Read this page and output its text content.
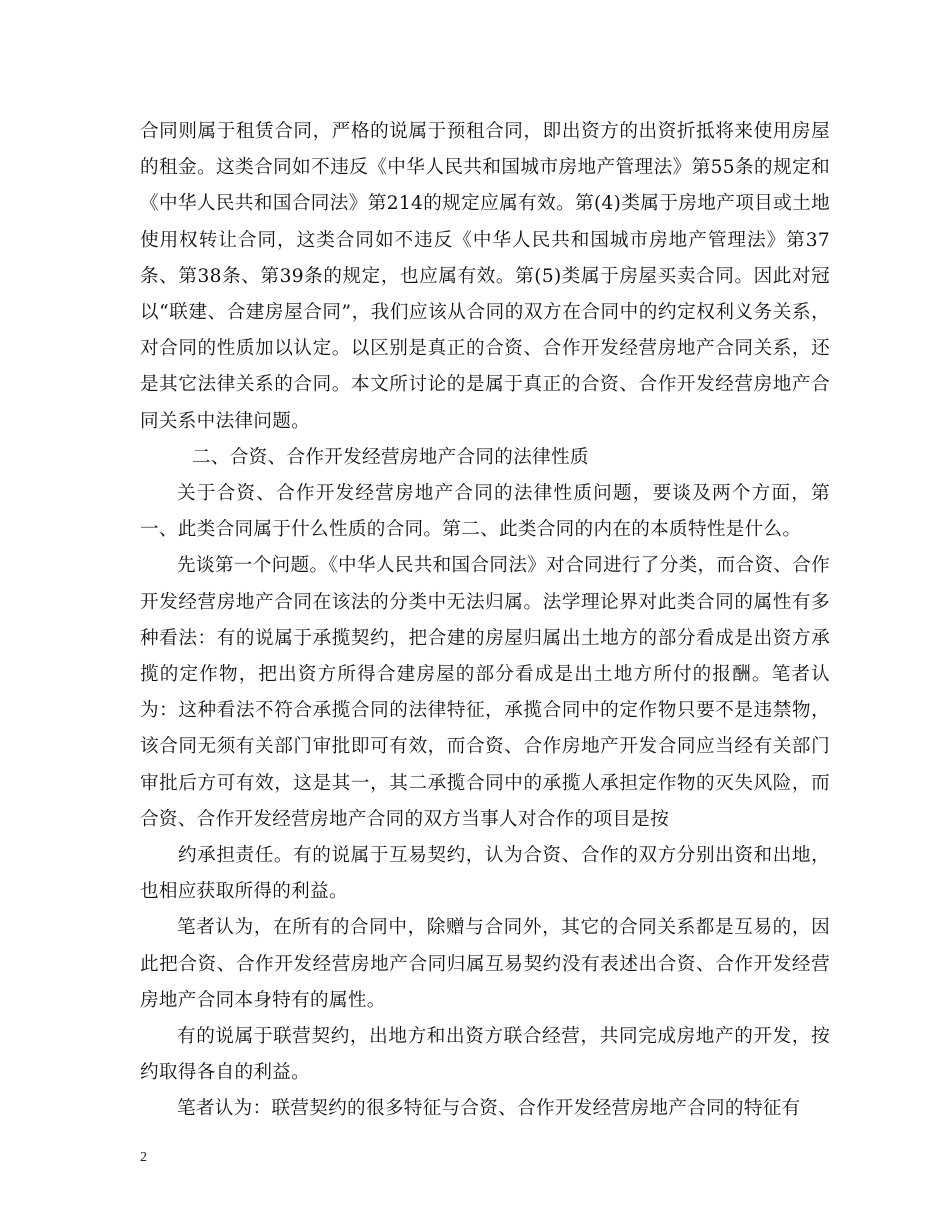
合同则属于租赁合同，严格的说属于预租合同，即出资方的出资折抵将来使用房屋的租金。这类合同如不违反《中华人民共和国城市房地产管理法》第55条的规定和《中华人民共和国合同法》第214的规定应属有效。第(4)类属于房地产项目或土地使用权转让合同，这类合同如不违反《中华人民共和国城市房地产管理法》第37条、第38条、第39条的规定，也应属有效。第(5)类属于房屋买卖合同。因此对冠以“联建、合建房屋合同”，我们应该从合同的双方在合同中的约定权利义务关系，对合同的性质加以认定。以区别是真正的合资、合作开发经营房地产合同关系，还是其它法律关系的合同。本文所讨论的是属于真正的合资、合作开发经营房地产合同关系中法律问题。

二、合资、合作开发经营房地产合同的法律性质

关于合资、合作开发经营房地产合同的法律性质问题，要谈及两个方面，第一、此类合同属于什么性质的合同。第二、此类合同的内在的本质特性是什么。

先谈第一个问题。《中华人民共和国合同法》对合同进行了分类，而合资、合作开发经营房地产合同在该法的分类中无法归属。法学理论界对此类合同的属性有多种看法：有的说属于承揽契约，把合建的房屋归属出土地方的部分看成是出资方承揽的定作物，把出资方所得合建房屋的部分看成是出土地方所付的报酬。笔者认为：这种看法不符合承揽合同的法律特征，承揽合同中的定作物只要不是违禁物，该合同无须有关部门审批即可有效，而合资、合作房地产开发合同应当经有关部门审批后方可有效，这是其一，其二承揽合同中的承揽人承担定作物的灭失风险，而合资、合作开发经营房地产合同的双方当事人对合作的项目是按

约承担责任。有的说属于互易契约，认为合资、合作的双方分别出资和出地，也相应获取所得的利益。

笔者认为，在所有的合同中，除赠与合同外，其它的合同关系都是互易的，因此把合资、合作开发经营房地产合同归属互易契约没有表述出合资、合作开发经营房地产合同本身特有的属性。

有的说属于联营契约，出地方和出资方联合经营，共同完成房地产的开发，按约取得各自的利益。

笔者认为：联营契约的很多特征与合资、合作开发经营房地产合同的特征有

2
